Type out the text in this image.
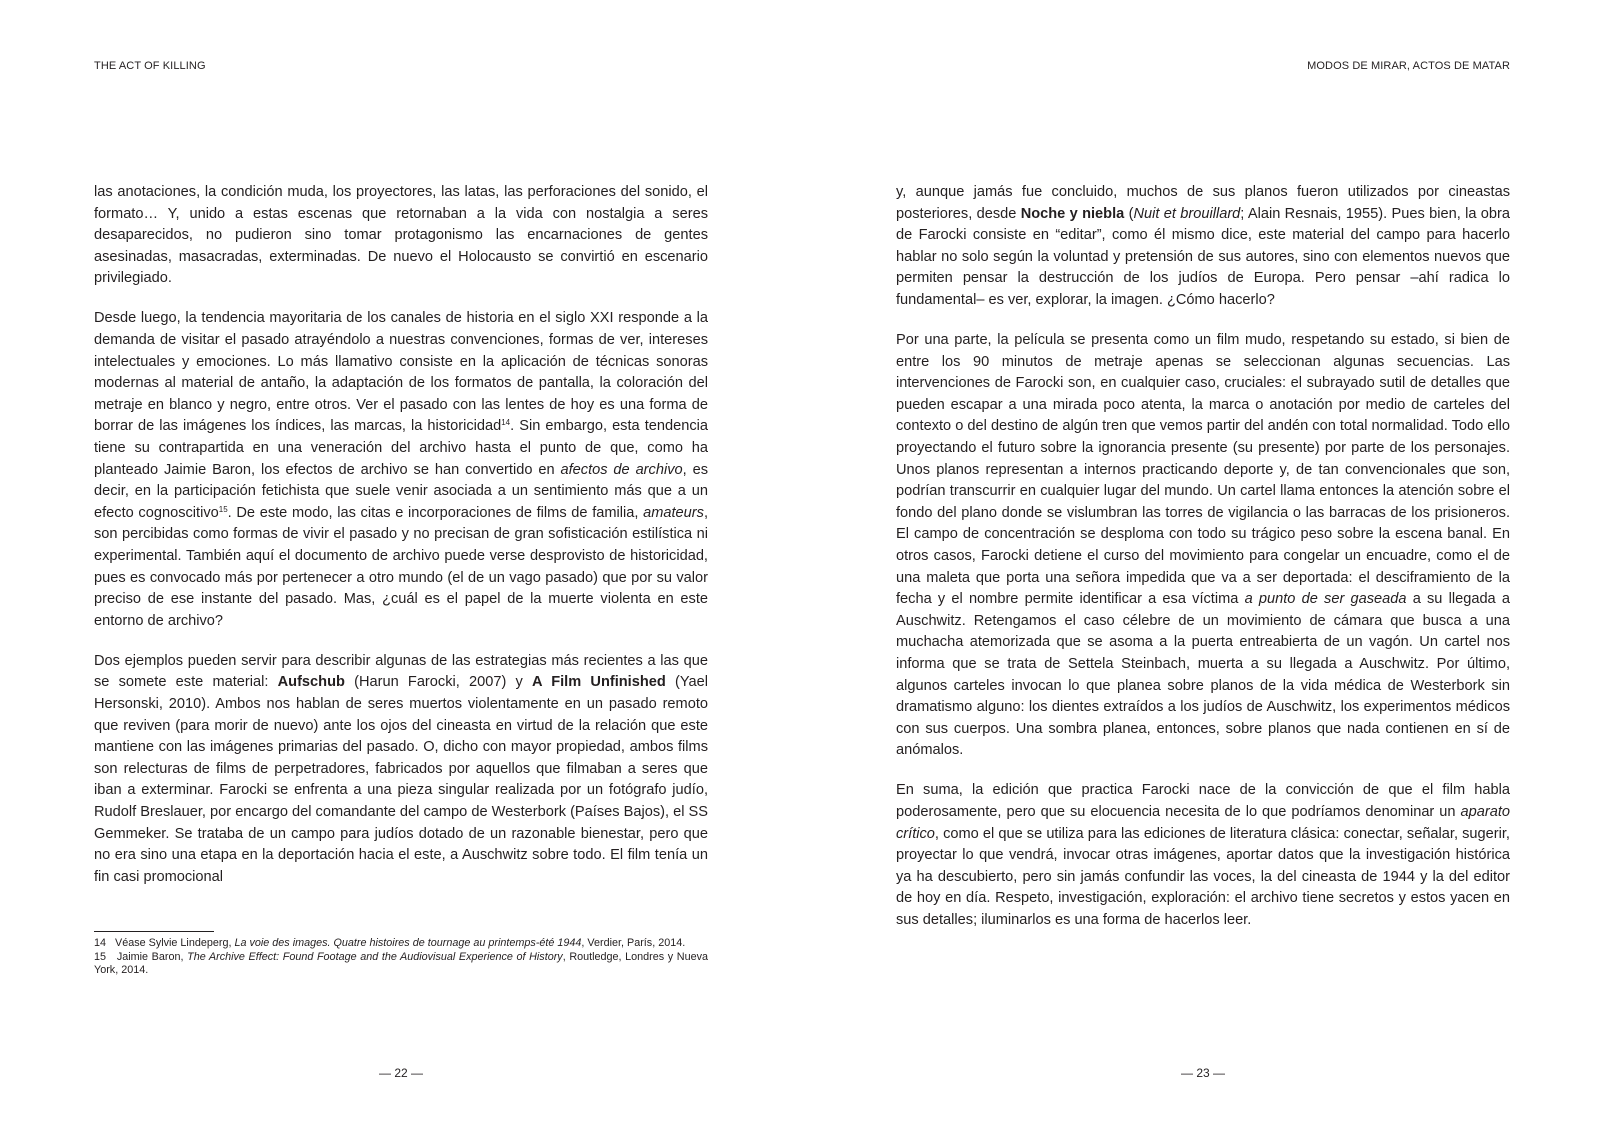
THE ACT OF KILLING

las anotaciones, la condición muda, los proyectores, las latas, las perforaciones del sonido, el formato… Y, unido a estas escenas que retornaban a la vida con nostalgia a seres desaparecidos, no pudieron sino tomar protagonismo las encarnaciones de gentes asesinadas, masacradas, exterminadas. De nuevo el Holocausto se convirtió en escenario privilegiado.

Desde luego, la tendencia mayoritaria de los canales de historia en el siglo XXI responde a la demanda de visitar el pasado atrayéndolo a nuestras convenciones, formas de ver, intereses intelectuales y emociones. Lo más llamativo consiste en la aplicación de técnicas sonoras modernas al material de antaño, la adaptación de los formatos de pantalla, la coloración del metraje en blanco y negro, entre otros. Ver el pasado con las lentes de hoy es una forma de borrar de las imágenes los índices, las marcas, la historicidad$^{14}$. Sin embargo, esta tendencia tiene su contrapartida en una veneración del archivo hasta el punto de que, como ha planteado Jaimie Baron, los efectos de archivo se han convertido en afectos de archivo, es decir, en la participación fetichista que suele venir asociada a un sentimiento más que a un efecto cognoscitivo$^{15}$. De este modo, las citas e incorporaciones de films de familia, amateurs, son percibidas como formas de vivir el pasado y no precisan de gran sofisticación estilística ni experimental. También aquí el documento de archivo puede verse desprovisto de historicidad, pues es convocado más por pertenecer a otro mundo (el de un vago pasado) que por su valor preciso de ese instante del pasado. Mas, ¿cuál es el papel de la muerte violenta en este entorno de archivo?

Dos ejemplos pueden servir para describir algunas de las estrategias más recientes a las que se somete este material: Aufschub (Harun Farocki, 2007) y A Film Unfinished (Yael Hersonski, 2010). Ambos nos hablan de seres muertos violentamente en un pasado remoto que reviven (para morir de nuevo) ante los ojos del cineasta en virtud de la relación que este mantiene con las imágenes primarias del pasado. O, dicho con mayor propiedad, ambos films son relecturas de films de perpetradores, fabricados por aquellos que filmaban a seres que iban a exterminar. Farocki se enfrenta a una pieza singular realizada por un fotógrafo judío, Rudolf Breslauer, por encargo del comandante del campo de Westerbork (Países Bajos), el SS Gemmeker. Se trataba de un campo para judíos dotado de un razonable bienestar, pero que no era sino una etapa en la deportación hacia el este, a Auschwitz sobre todo. El film tenía un fin casi promocional

14 Véase Sylvie Lindeperg, La voie des images. Quatre histoires de tournage au printemps-été 1944, Verdier, París, 2014.

15 Jaimie Baron, The Archive Effect: Found Footage and the Audiovisual Experience of History, Routledge, Londres y Nueva York, 2014.

— 22 —
MODOS DE MIRAR, ACTOS DE MATAR

y, aunque jamás fue concluido, muchos de sus planos fueron utilizados por cineastas posteriores, desde Noche y niebla (Nuit et brouillard; Alain Resnais, 1955). Pues bien, la obra de Farocki consiste en “editar”, como él mismo dice, este material del campo para hacerlo hablar no solo según la voluntad y pretensión de sus autores, sino con elementos nuevos que permiten pensar la destrucción de los judíos de Europa. Pero pensar –ahí radica lo fundamental– es ver, explorar, la imagen. ¿Cómo hacerlo?

Por una parte, la película se presenta como un film mudo, respetando su estado, si bien de entre los 90 minutos de metraje apenas se seleccionan algunas secuencias. Las intervenciones de Farocki son, en cualquier caso, cruciales: el subrayado sutil de detalles que pueden escapar a una mirada poco atenta, la marca o anotación por medio de carteles del contexto o del destino de algún tren que vemos partir del andén con total normalidad. Todo ello proyectando el futuro sobre la ignorancia presente (su presente) por parte de los personajes. Unos planos representan a internos practicando deporte y, de tan convencionales que son, podrían transcurrir en cualquier lugar del mundo. Un cartel llama entonces la atención sobre el fondo del plano donde se vislumbran las torres de vigilancia o las barracas de los prisioneros. El campo de concentración se desploma con todo su trágico peso sobre la escena banal. En otros casos, Farocki detiene el curso del movimiento para congelar un encuadre, como el de una maleta que porta una señora impedida que va a ser deportada: el desciframiento de la fecha y el nombre permite identificar a esa víctima a punto de ser gaseada a su llegada a Auschwitz. Retengamos el caso célebre de un movimiento de cámara que busca a una muchacha atemorizada que se asoma a la puerta entreabierta de un vagón. Un cartel nos informa que se trata de Settela Steinbach, muerta a su llegada a Auschwitz. Por último, algunos carteles invocan lo que planea sobre planos de la vida médica de Westerbork sin dramatismo alguno: los dientes extraídos a los judíos de Auschwitz, los experimentos médicos con sus cuerpos. Una sombra planea, entonces, sobre planos que nada contienen en sí de anómalos.

En suma, la edición que practica Farocki nace de la convicción de que el film habla poderosamente, pero que su elocuencia necesita de lo que podríamos denominar un aparato crítico, como el que se utiliza para las ediciones de literatura clásica: conectar, señalar, sugerir, proyectar lo que vendrá, invocar otras imágenes, aportar datos que la investigación histórica ya ha descubierto, pero sin jamás confundir las voces, la del cineasta de 1944 y la del editor de hoy en día. Respeto, investigación, exploración: el archivo tiene secretos y estos yacen en sus detalles; iluminarlos es una forma de hacerlos leer.

— 23 —
